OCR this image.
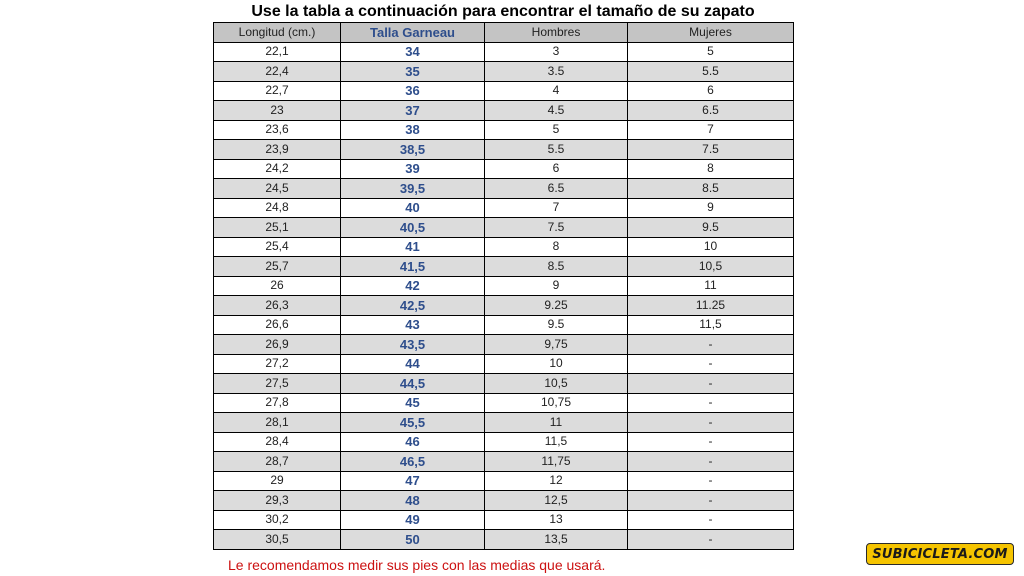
Use la tabla a continuación para encontrar el tamaño de su zapato
Longitud (cm.)	Talla Garneau	Hombres	Mujeres
22,1	34	3	5
22,4	35	3.5	5.5
22,7	36	4	6
23	37	4.5	6.5
23,6	38	5	7
23,9	38,5	5.5	7.5
24,2	39	6	8
24,5	39,5	6.5	8.5
24,8	40	7	9
25,1	40,5	7.5	9.5
25,4	41	8	10
25,7	41,5	8.5	10,5
26	42	9	11
26,3	42,5	9.25	11.25
26,6	43	9.5	11,5
26,9	43,5	9,75	-
27,2	44	10	-
27,5	44,5	10,5	-
27,8	45	10,75	-
28,1	45,5	11	-
28,4	46	11,5	-
28,7	46,5	11,75	-
29	47	12	-
29,3	48	12,5	-
30,2	49	13	-
30,5	50	13,5	-
Le recomendamos medir sus pies con las medias que usará.
SUBICICLETA.COM
